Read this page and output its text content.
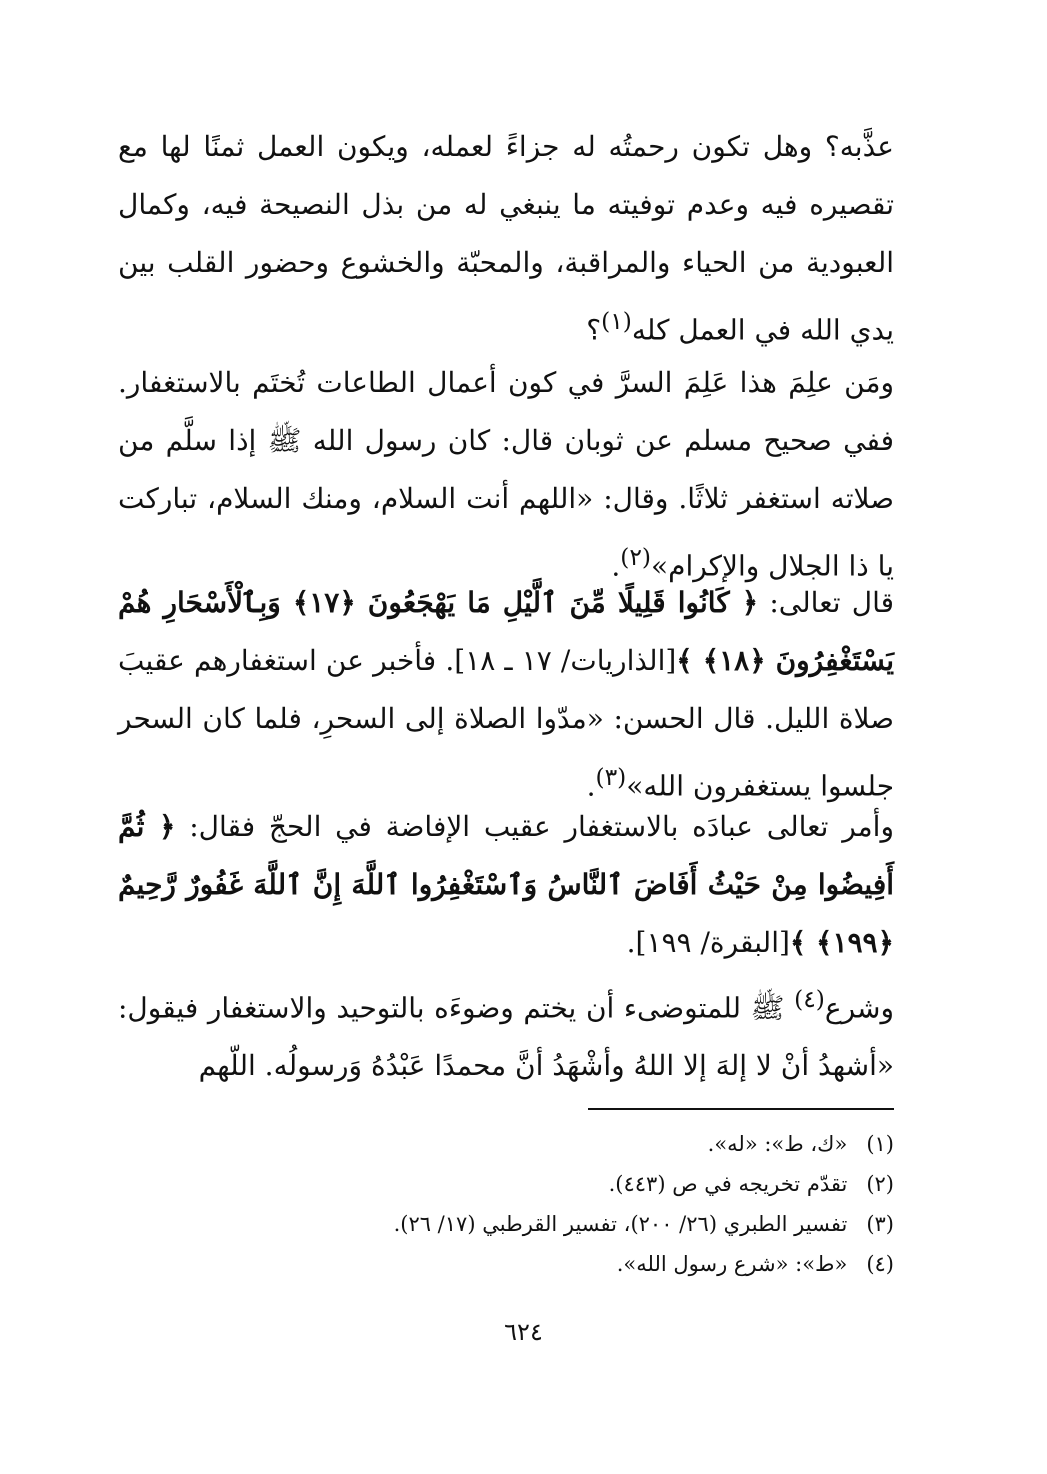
عذَّبه؟ وهل تكون رحمتُه له جزاءً لعمله، ويكون العمل ثمنًا لها مع تقصيره فيه وعدم توفيته ما ينبغي له من بذل النصيحة فيه، وكمال العبودية من الحياء والمراقبة، والمحبّة والخشوع وحضور القلب بين يدي الله في العمل كله$^{(١)}$؟

ومَن علِمَ هذا عَلِمَ السرَّ في كون أعمال الطاعات تُختَم بالاستغفار. ففي صحيح مسلم عن ثوبان قال: كان رسول الله ﷺ إذا سلَّم من صلاته استغفر ثلاثًا. وقال: «اللهم أنت السلام، ومنك السلام، تباركت يا ذا الجلال والإكرام»$^{(٢)}$.

قال تعالى: ﴿ كَانُوا قَلِيلًا مِّنَ ٱلَّيْلِ مَا يَهْجَعُونَ ﴿١٧﴾ وَبِٱلْأَسْحَارِ هُمْ يَسْتَغْفِرُونَ ﴿١٨﴾ ﴾[الذاريات/ ١٧ ـ ١٨]. فأخبر عن استغفارهم عقيبَ صلاة الليل. قال الحسن: «مدّوا الصلاة إلى السحرِ، فلما كان السحر جلسوا يستغفرون الله»$^{(٣)}$.

وأمر تعالى عبادَه بالاستغفار عقيب الإفاضة في الحجّ فقال: ﴿ ثُمَّ أَفِيضُوا مِنْ حَيْثُ أَفَاضَ ٱلنَّاسُ وَٱسْتَغْفِرُوا ٱللَّهَ إِنَّ ٱللَّهَ غَفُورٌ رَّحِيمٌ ﴿١٩٩﴾ ﴾[البقرة/ ١٩٩].

وشرع$^{(٤)}$ ﷺ للمتوضىء أن يختم وضوءَه بالتوحيد والاستغفار فيقول: «أشهدُ أنْ لا إلهَ إلا اللهُ وأشْهَدُ أنَّ محمدًا عَبْدُهُ وَرسولُه. اللّهم

(١) «ك، ط»: «له».
(٢) تقدّم تخريجه في ص (٤٤٣).
(٣) تفسير الطبري (٢٦/ ٢٠٠)، تفسير القرطبي (١٧/ ٢٦).
(٤) «ط»: «شرع رسول الله».
٦٢٤
